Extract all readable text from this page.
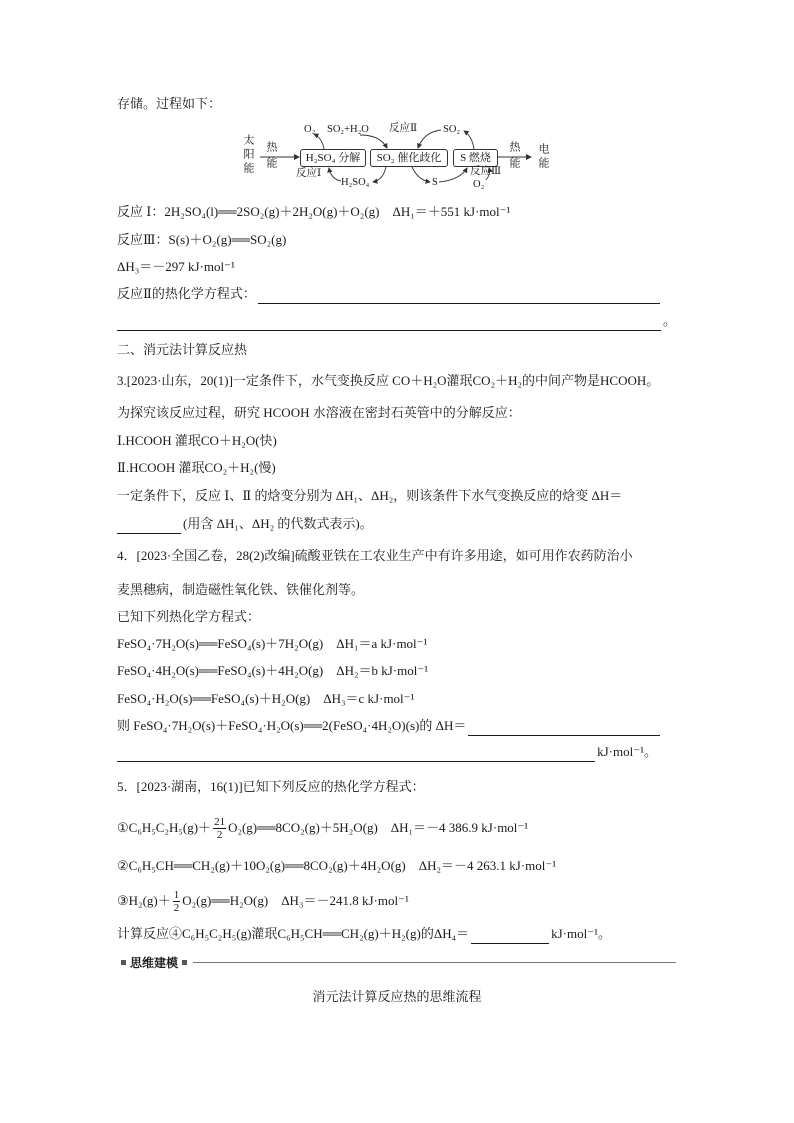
存储。过程如下：
太阳能 热能	H₂SO₄ 分解	SO₂ 催化歧化	S 燃烧	热能 电能
O₂ SO₂+H₂O 反应Ⅱ SO₂
反应Ⅰ
H₂SO₄	S
反应Ⅲ
O₂
反应 Ⅰ：2H₂SO₄(l)══2SO₂(g)＋2H₂O(g)＋O₂(g)　ΔH₁＝＋551 kJ·mol⁻¹
反应Ⅲ：S(s)＋O₂(g)══SO₂(g)
ΔH₃＝－297 kJ·mol⁻¹
反应Ⅱ的热化学方程式：
。
二、消元法计算反应热
3.[2023·山东，20(1)]一定条件下，水气变换反应 CO＋H₂O灌珉CO₂＋H₂的中间产物是HCOOH。
为探究该反应过程，研究 HCOOH 水溶液在密封石英管中的分解反应：
Ⅰ.HCOOH 灌珉CO＋H₂O(快)
Ⅱ.HCOOH 灌珉CO₂＋H₂(慢)
一定条件下，反应 Ⅰ、Ⅱ 的焓变分别为 ΔH₁、ΔH₂，则该条件下水气变换反应的焓变 ΔH＝
(用含 ΔH₁、ΔH₂ 的代数式表示)。
4．[2023·全国乙卷，28(2)改编]硫酸亚铁在工农业生产中有许多用途，如可用作农药防治小
麦黑穗病，制造磁性氧化铁、铁催化剂等。
已知下列热化学方程式：
FeSO₄·7H₂O(s)══FeSO₄(s)＋7H₂O(g)　ΔH₁＝a kJ·mol⁻¹
FeSO₄·4H₂O(s)══FeSO₄(s)＋4H₂O(g)　ΔH₂＝b kJ·mol⁻¹
FeSO₄·H₂O(s)══FeSO₄(s)＋H₂O(g)　ΔH₃＝c kJ·mol⁻¹
则 FeSO₄·7H₂O(s)＋FeSO₄·H₂O(s)══2(FeSO₄·4H₂O)(s)的 ΔH＝
kJ·mol⁻¹。
5．[2023·湖南，16(1)]已知下列反应的热化学方程式：
①C₆H₅C₂H₅(g)＋ $\frac{21}{2}$ O₂(g)══8CO₂(g)＋5H₂O(g)　ΔH₁＝－4 386.9 kJ·mol⁻¹
②C₆H₅CH══CH₂(g)＋10O₂(g)══8CO₂(g)＋4H₂O(g)　ΔH₂＝－4 263.1 kJ·mol⁻¹
③H₂(g)＋ $\frac{1}{2}$ O₂(g)══H₂O(g)　ΔH₃＝－241.8 kJ·mol⁻¹
计算反应④C₆H₅C₂H₅(g)灌珉C₆H₅CH══CH₂(g)＋H₂(g)的ΔH₄＝	kJ·mol⁻¹。
思维建模
消元法计算反应热的思维流程
